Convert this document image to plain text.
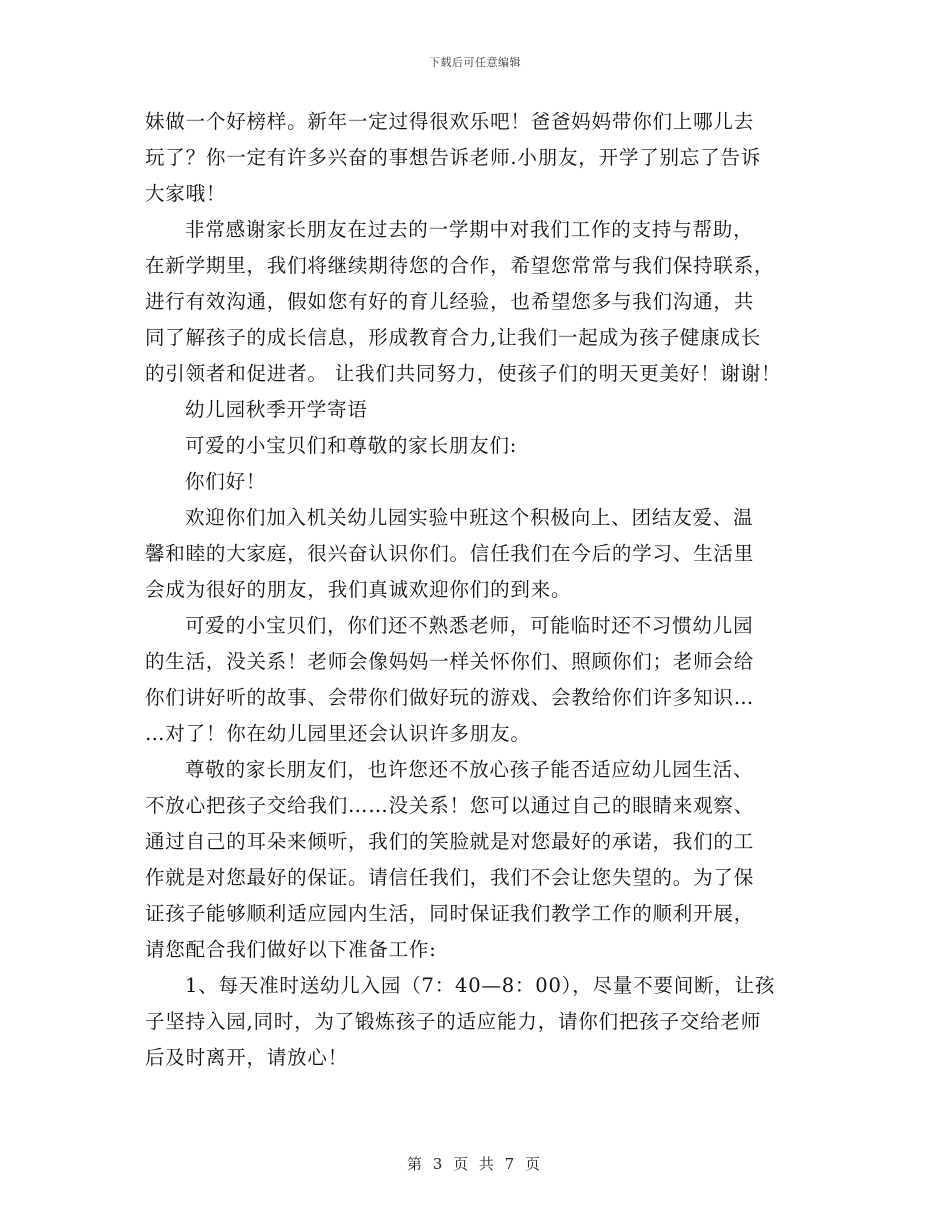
下载后可任意编辑
妹做一个好榜样。新年一定过得很欢乐吧！爸爸妈妈带你们上哪儿去
玩了？你一定有许多兴奋的事想告诉老师.小朋友，开学了别忘了告诉
大家哦！
非常感谢家长朋友在过去的一学期中对我们工作的支持与帮助，
在新学期里，我们将继续期待您的合作，希望您常常与我们保持联系，
进行有效沟通，假如您有好的育儿经验，也希望您多与我们沟通，共
同了解孩子的成长信息，形成教育合力,让我们一起成为孩子健康成长
的引领者和促进者。 让我们共同努力，使孩子们的明天更美好！谢谢！
幼儿园秋季开学寄语
可爱的小宝贝们和尊敬的家长朋友们:
你们好！
欢迎你们加入机关幼儿园实验中班这个积极向上、团结友爱、温
馨和睦的大家庭，很兴奋认识你们。信任我们在今后的学习、生活里
会成为很好的朋友，我们真诚欢迎你们的到来。
可爱的小宝贝们，你们还不熟悉老师，可能临时还不习惯幼儿园
的生活，没关系！老师会像妈妈一样关怀你们、照顾你们；老师会给
你们讲好听的故事、会带你们做好玩的游戏、会教给你们许多知识…
…对了！你在幼儿园里还会认识许多朋友。
尊敬的家长朋友们，也许您还不放心孩子能否适应幼儿园生活、
不放心把孩子交给我们……没关系！您可以通过自己的眼睛来观察、
通过自己的耳朵来倾听，我们的笑脸就是对您最好的承诺，我们的工
作就是对您最好的保证。请信任我们，我们不会让您失望的。为了保
证孩子能够顺利适应园内生活，同时保证我们教学工作的顺利开展，
请您配合我们做好以下准备工作:
1、每天准时送幼儿入园（7：40—8：00），尽量不要间断，让孩
子坚持入园,同时，为了锻炼孩子的适应能力，请你们把孩子交给老师
后及时离开，请放心！
第 3 页 共 7 页
